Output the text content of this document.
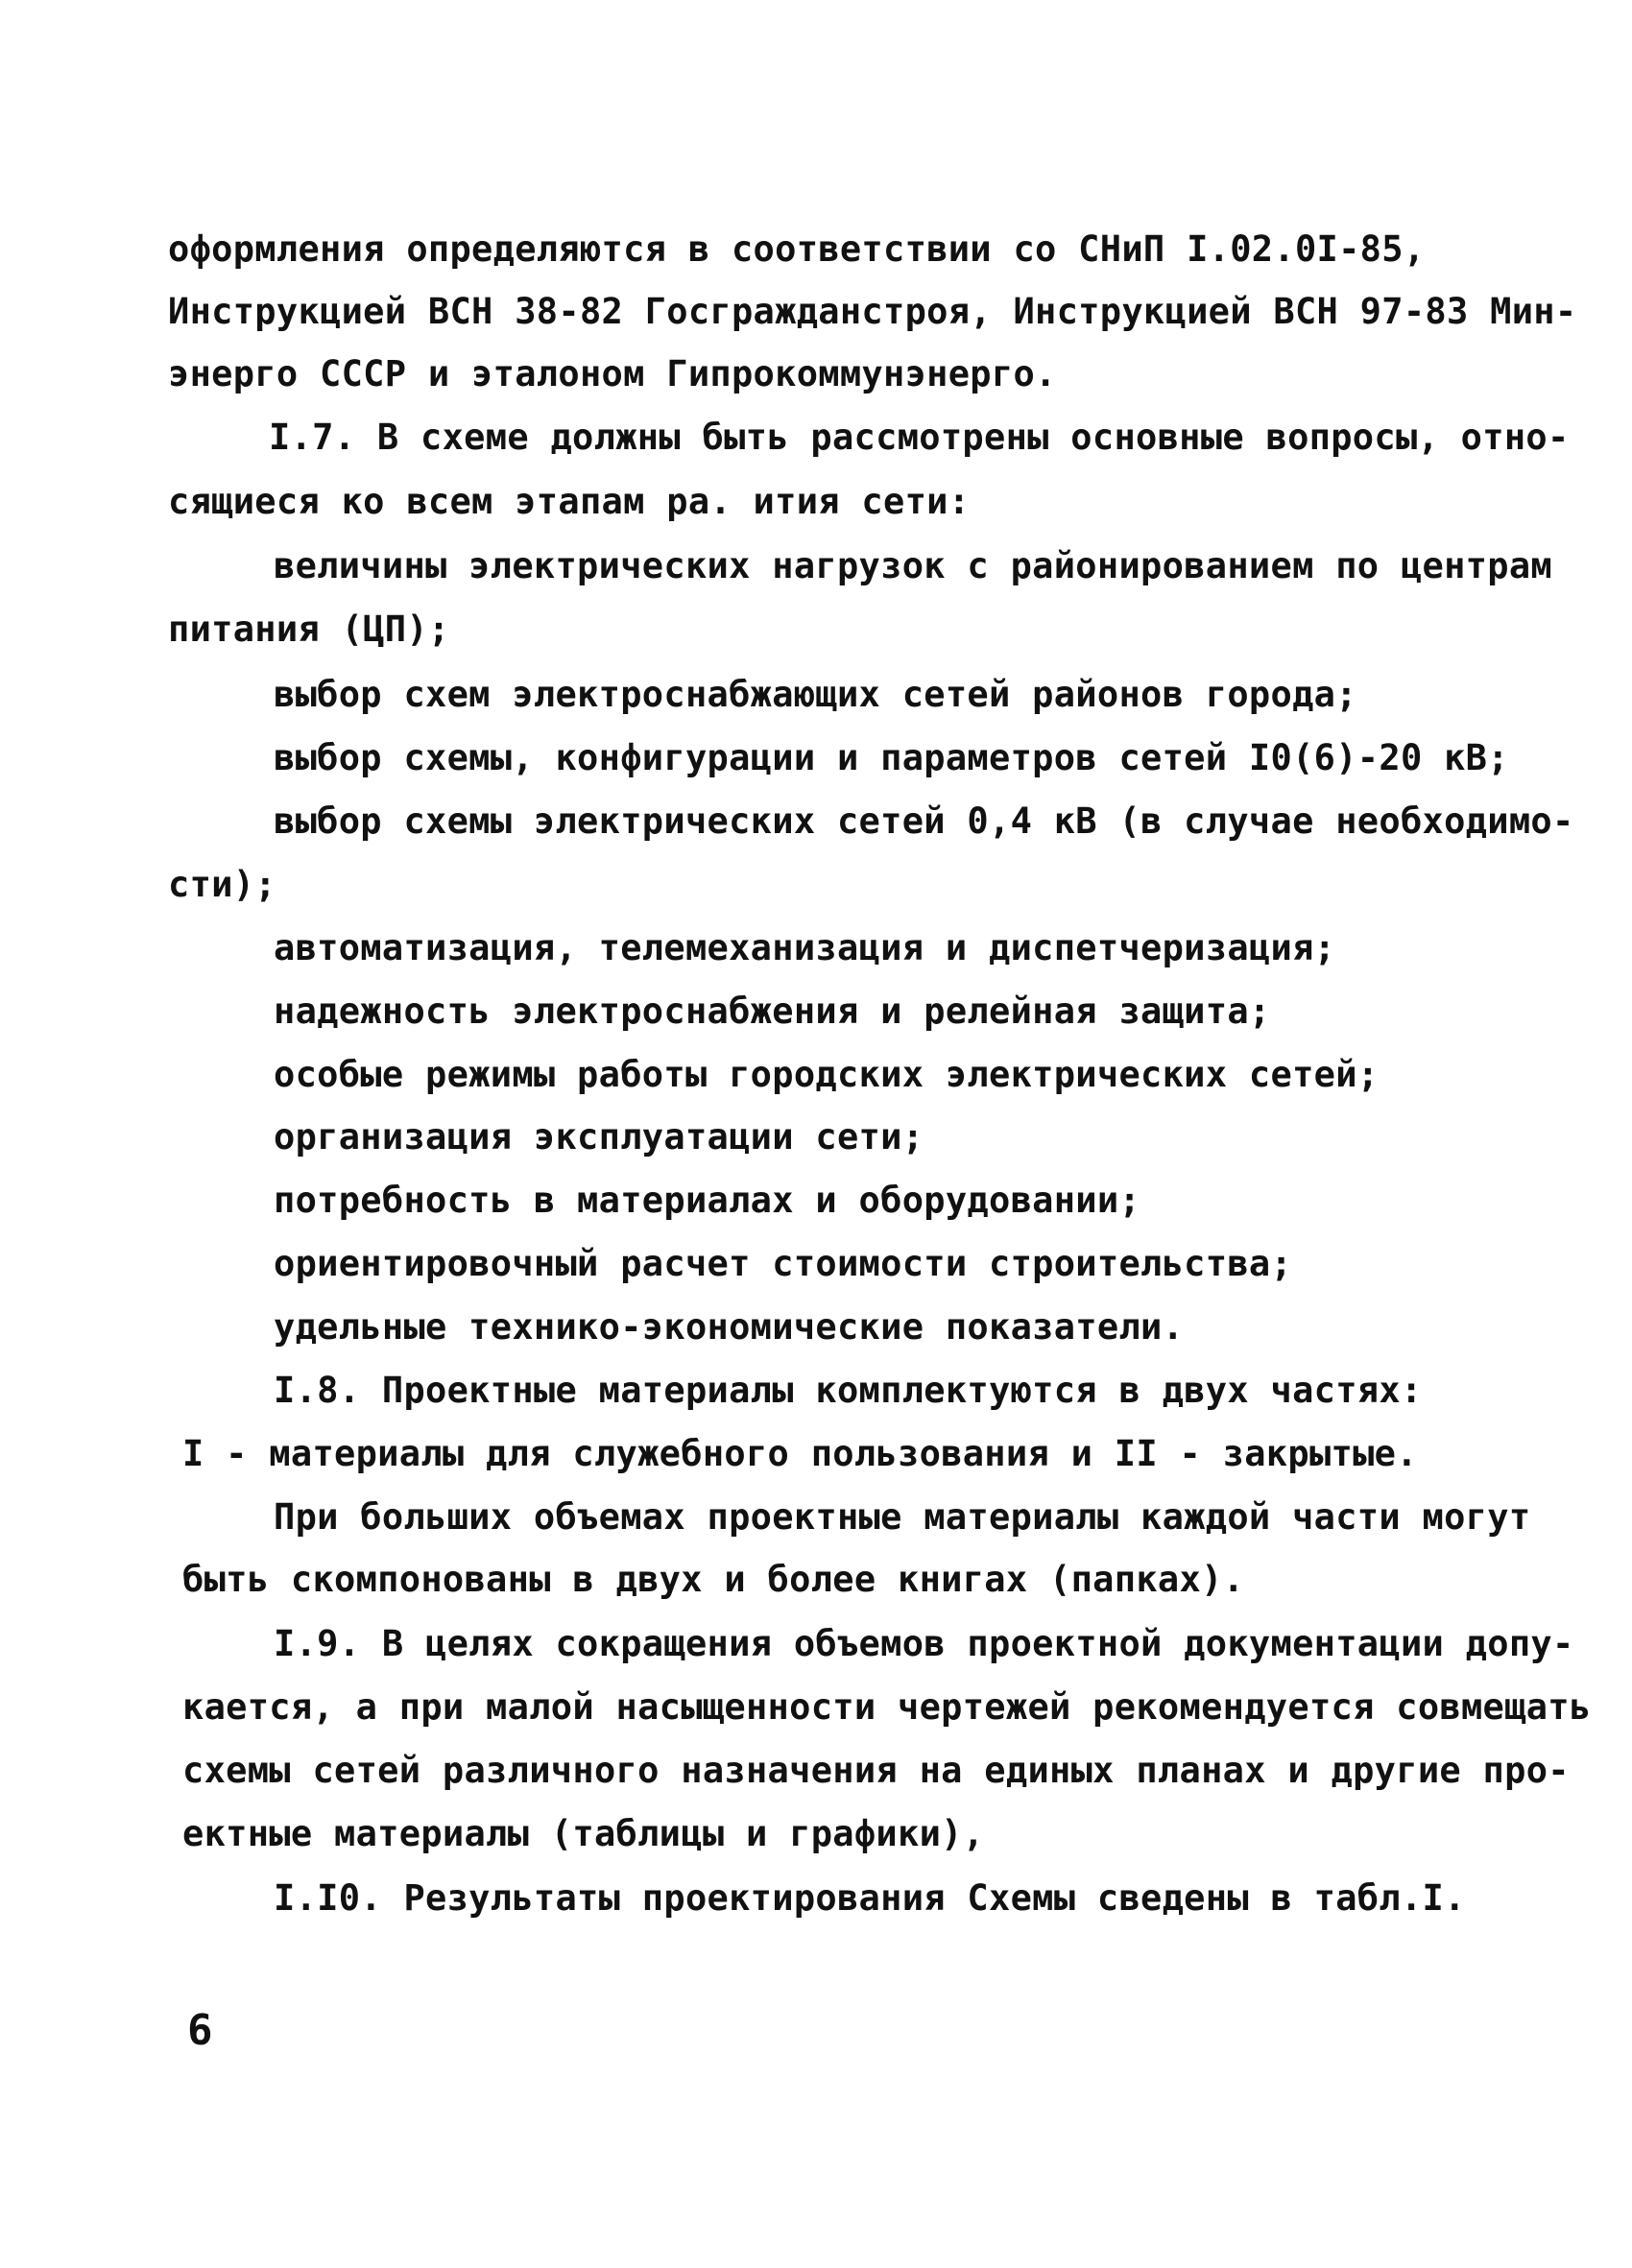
оформления определяются в соответствии со СНиП I.02.0I-85,
Инструкцией ВСН 38-82 Госгражданстроя, Инструкцией ВСН 97-83 Мин-
энерго СССР и эталоном Гипрокоммунэнерго.
I.7. В схеме должны быть рассмотрены основные вопросы, отно-
сящиеся ко всем этапам ра. ития сети:
величины электрических нагрузок с районированием по центрам
питания (ЦП);
выбор схем электроснабжающих сетей районов города;
выбор схемы, конфигурации и параметров сетей I0(6)-20 кВ;
выбор схемы электрических сетей 0,4 кВ (в случае необходимо-
сти);
автоматизация, телемеханизация и диспетчеризация;
надежность электроснабжения и релейная защита;
особые режимы работы городских электрических сетей;
организация эксплуатации сети;
потребность в материалах и оборудовании;
ориентировочный расчет стоимости строительства;
удельные технико-экономические показатели.
I.8. Проектные материалы комплектуются в двух частях:
I - материалы для служебного пользования и II - закрытые.
При больших объемах проектные материалы каждой части могут
быть скомпонованы в двух и более книгах (папках).
I.9. В целях сокращения объемов проектной документации допу-
кается, а при малой насыщенности чертежей рекомендуется совмещать
схемы сетей различного назначения на единых планах и другие про-
ектные материалы (таблицы и графики),
I.I0. Результаты проектирования Схемы сведены в табл.I.
6
